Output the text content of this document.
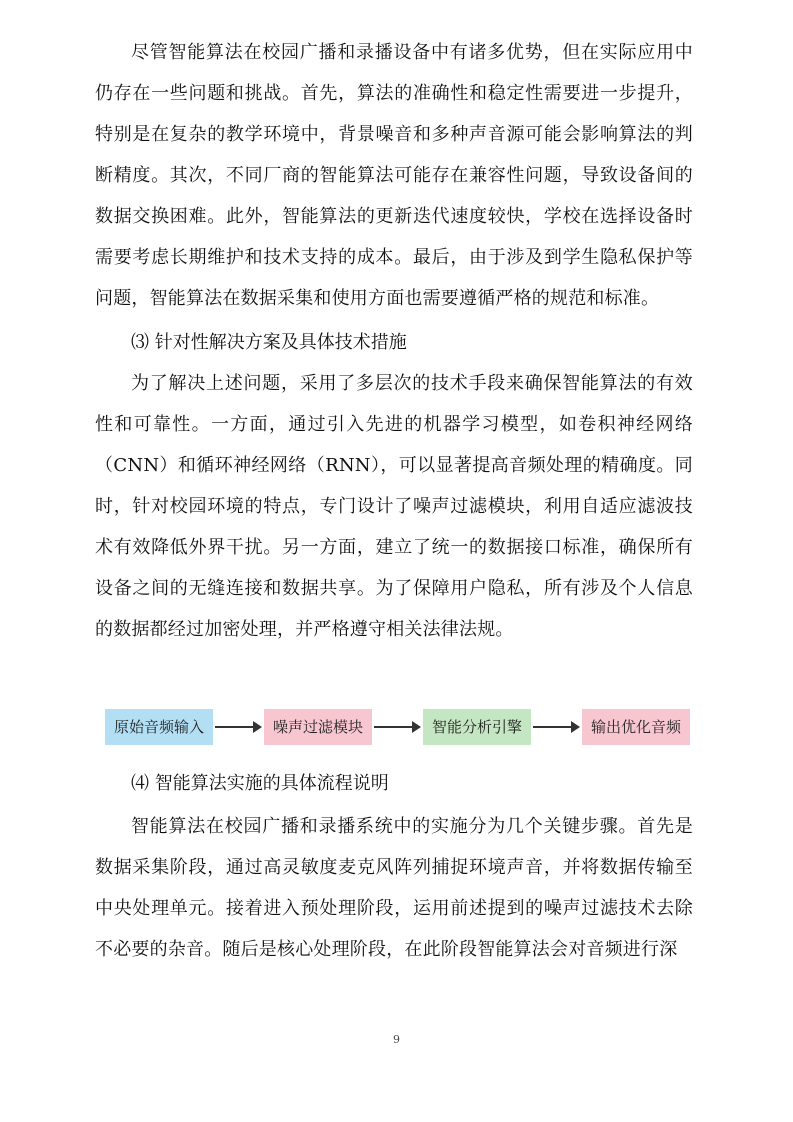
尽管智能算法在校园广播和录播设备中有诸多优势，但在实际应用中仍存在一些问题和挑战。首先，算法的准确性和稳定性需要进一步提升，特别是在复杂的教学环境中，背景噪音和多种声音源可能会影响算法的判断精度。其次，不同厂商的智能算法可能存在兼容性问题，导致设备间的数据交换困难。此外，智能算法的更新迭代速度较快，学校在选择设备时需要考虑长期维护和技术支持的成本。最后，由于涉及到学生隐私保护等问题，智能算法在数据采集和使用方面也需要遵循严格的规范和标准。

⑶ 针对性解决方案及具体技术措施

为了解决上述问题，采用了多层次的技术手段来确保智能算法的有效性和可靠性。一方面，通过引入先进的机器学习模型，如卷积神经网络（CNN）和循环神经网络（RNN），可以显著提高音频处理的精确度。同时，针对校园环境的特点，专门设计了噪声过滤模块，利用自适应滤波技术有效降低外界干扰。另一方面，建立了统一的数据接口标准，确保所有设备之间的无缝连接和数据共享。为了保障用户隐私，所有涉及个人信息的数据都经过加密处理，并严格遵守相关法律法规。

原始音频输入	噪声过滤模块	智能分析引擎	输出优化音频

⑷ 智能算法实施的具体流程说明

智能算法在校园广播和录播系统中的实施分为几个关键步骤。首先是数据采集阶段，通过高灵敏度麦克风阵列捕捉环境声音，并将数据传输至中央处理单元。接着进入预处理阶段，运用前述提到的噪声过滤技术去除不必要的杂音。随后是核心处理阶段，在此阶段智能算法会对音频进行深

9
